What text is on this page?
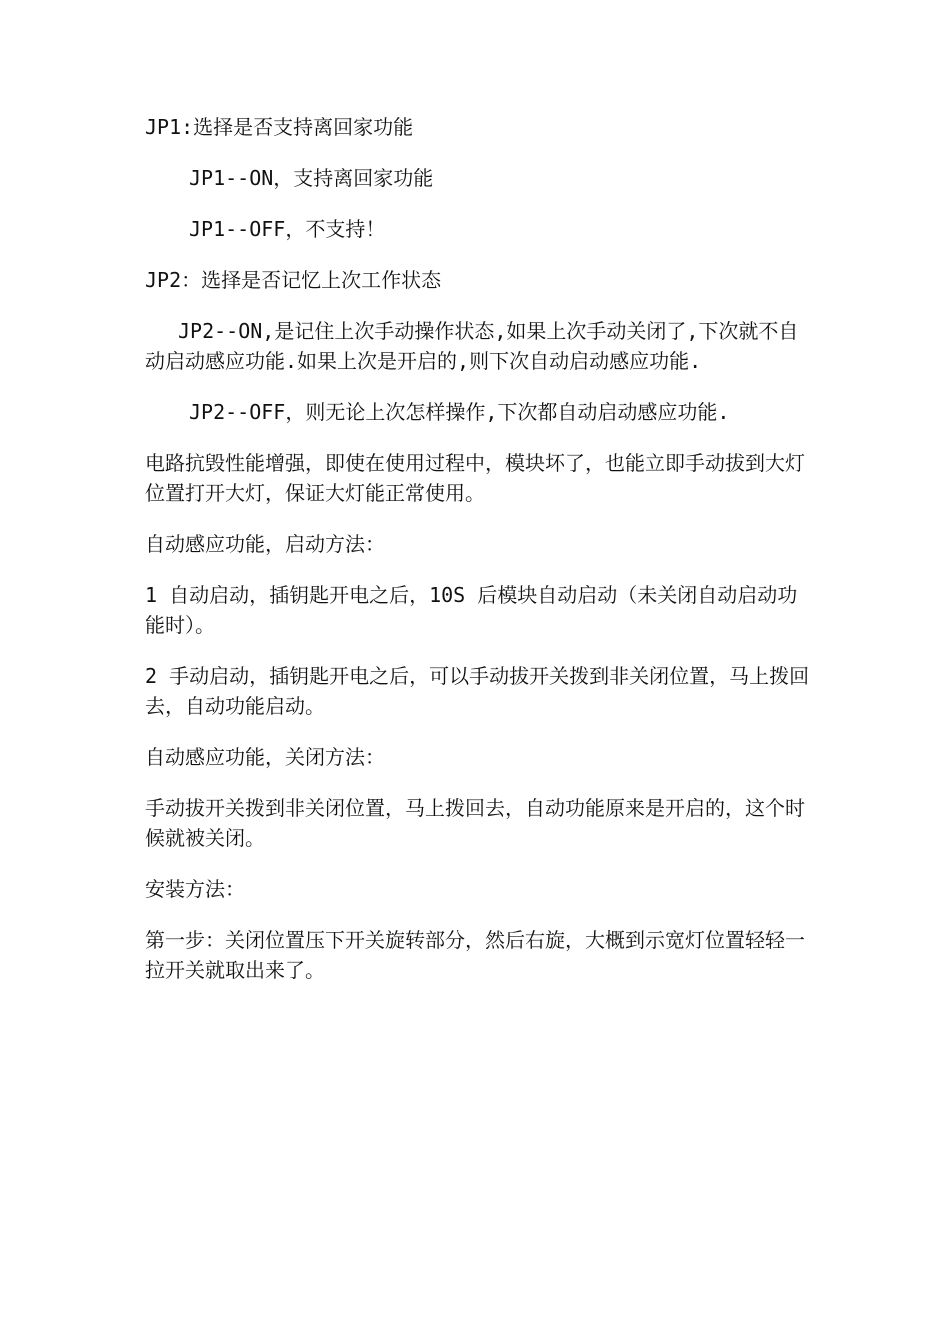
JP1:选择是否支持离回家功能

JP1--ON，支持离回家功能

JP1--OFF，不支持！

JP2：选择是否记忆上次工作状态

JP2--ON,是记住上次手动操作状态,如果上次手动关闭了,下次就不自动启动感应功能.如果上次是开启的,则下次自动启动感应功能.

JP2--OFF，则无论上次怎样操作,下次都自动启动感应功能.

电路抗毁性能增强，即使在使用过程中，模块坏了，也能立即手动拔到大灯位置打开大灯，保证大灯能正常使用。

自动感应功能，启动方法：

1 自动启动，插钥匙开电之后，10S 后模块自动启动（未关闭自动启动功能时）。

2 手动启动，插钥匙开电之后，可以手动拔开关拨到非关闭位置，马上拨回去，自动功能启动。

自动感应功能，关闭方法：

手动拔开关拨到非关闭位置，马上拨回去，自动功能原来是开启的，这个时候就被关闭。

安装方法：

第一步：关闭位置压下开关旋转部分，然后右旋，大概到示宽灯位置轻轻一拉开关就取出来了。
